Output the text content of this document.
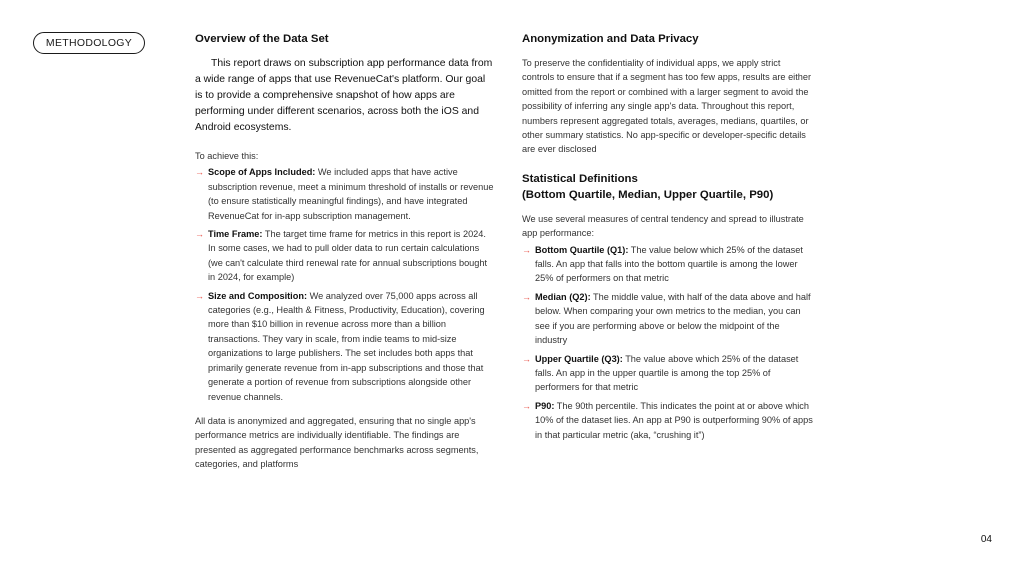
METHODOLOGY	Overview of the Data Set

This report draws on subscription app performance data from a wide range of apps that use RevenueCat's platform. Our goal is to provide a comprehensive snapshot of how apps are performing under different scenarios, across both the iOS and Android ecosystems.

To achieve this:

→ Scope of Apps Included: We included apps that have active subscription revenue, meet a minimum threshold of installs or revenue (to ensure statistically meaningful findings), and have integrated RevenueCat for in-app subscription management.
→ Time Frame: The target time frame for metrics in this report is 2024. In some cases, we had to pull older data to run certain calculations (we can't calculate third renewal rate for annual subscriptions bought in 2024, for example)
→ Size and Composition: We analyzed over 75,000 apps across all categories (e.g., Health & Fitness, Productivity, Education), covering more than $10 billion in revenue across more than a billion transactions. They vary in scale, from indie teams to mid-size organizations to large publishers. The set includes both apps that primarily generate revenue from in-app subscriptions and those that generate a portion of revenue from subscriptions alongside other revenue channels.

All data is anonymized and aggregated, ensuring that no single app's performance metrics are individually identifiable. The findings are presented as aggregated performance benchmarks across segments, categories, and platforms

Anonymization and Data Privacy

To preserve the confidentiality of individual apps, we apply strict controls to ensure that if a segment has too few apps, results are either omitted from the report or combined with a larger segment to avoid the possibility of inferring any single app's data. Throughout this report, numbers represent aggregated totals, averages, medians, quartiles, or other summary statistics. No app-specific or developer-specific details are ever disclosed

Statistical Definitions
(Bottom Quartile, Median, Upper Quartile, P90)

We use several measures of central tendency and spread to illustrate app performance:

→ Bottom Quartile (Q1): The value below which 25% of the dataset falls. An app that falls into the bottom quartile is among the lower 25% of performers on that metric
→ Median (Q2): The middle value, with half of the data above and half below. When comparing your own metrics to the median, you can see if you are performing above or below the midpoint of the industry
→ Upper Quartile (Q3): The value above which 25% of the dataset falls. An app in the upper quartile is among the top 25% of performers for that metric
→ P90: The 90th percentile. This indicates the point at or above which 10% of the dataset lies. An app at P90 is outperforming 90% of apps in that particular metric (aka, “crushing it”)
04
